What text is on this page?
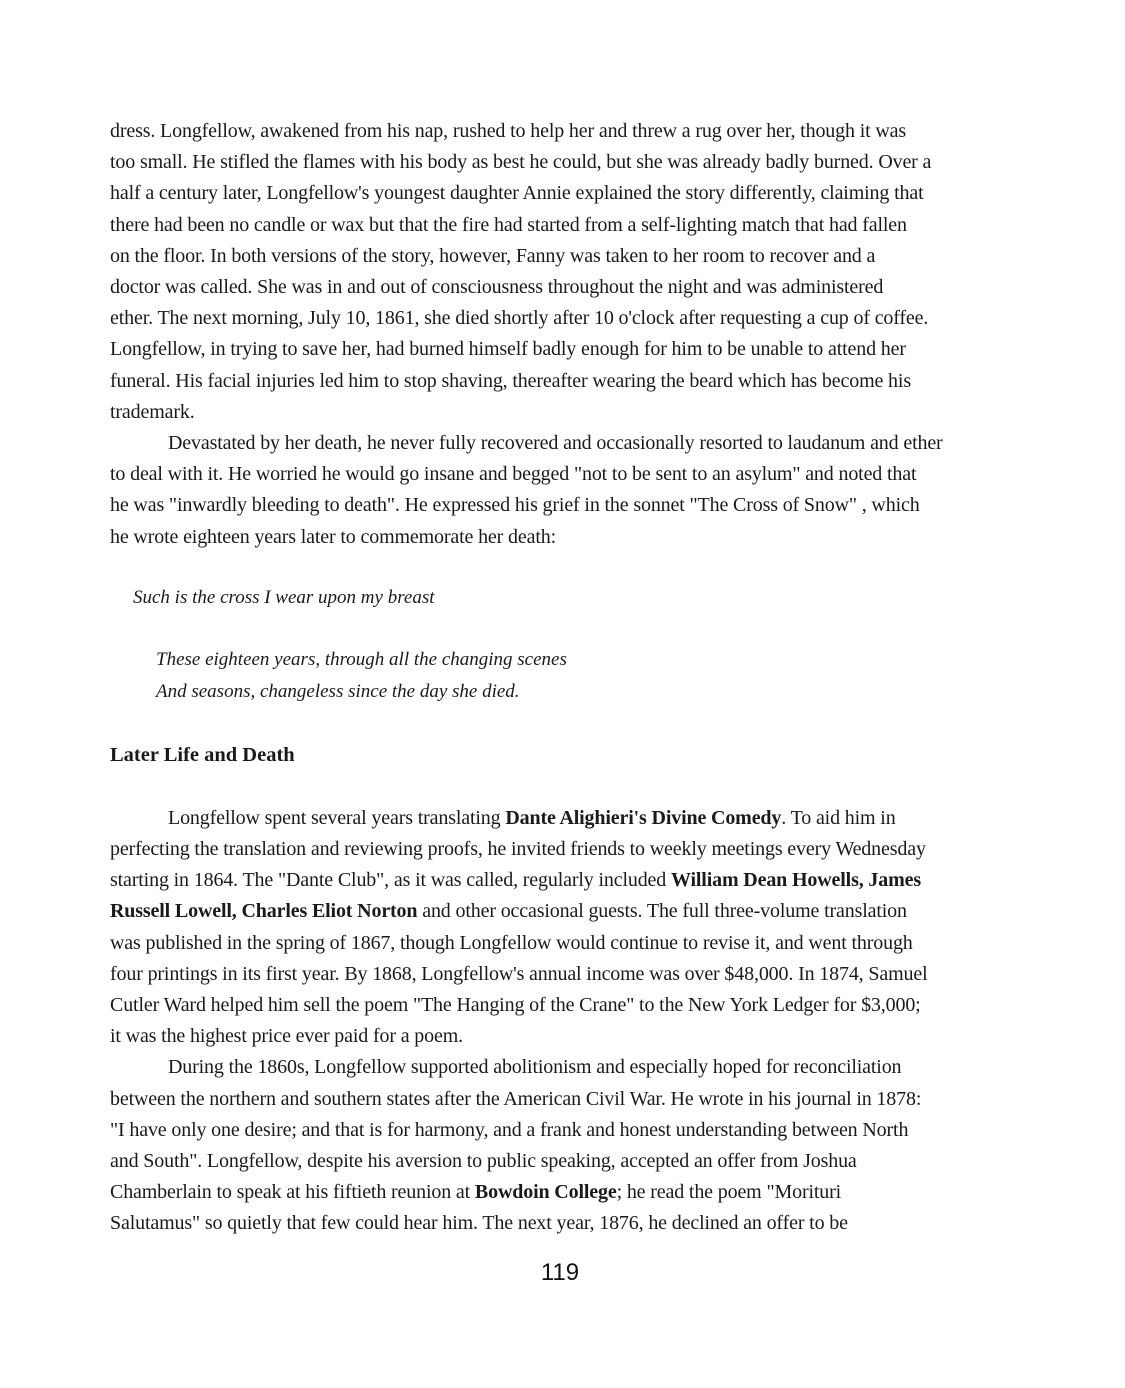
dress. Longfellow, awakened from his nap, rushed to help her and threw a rug over her, though it was
too small. He stifled the flames with his body as best he could, but she was already badly burned. Over a
half a century later, Longfellow's youngest daughter Annie explained the story differently, claiming that
there had been no candle or wax but that the fire had started from a self-lighting match that had fallen
on the floor. In both versions of the story, however, Fanny was taken to her room to recover and a
doctor was called. She was in and out of consciousness throughout the night and was administered
ether. The next morning, July 10, 1861, she died shortly after 10 o'clock after requesting a cup of coffee.
Longfellow, in trying to save her, had burned himself badly enough for him to be unable to attend her
funeral. His facial injuries led him to stop shaving, thereafter wearing the beard which has become his
trademark.

Devastated by her death, he never fully recovered and occasionally resorted to laudanum and ether
to deal with it. He worried he would go insane and begged "not to be sent to an asylum" and noted that
he was "inwardly bleeding to death". He expressed his grief in the sonnet "The Cross of Snow" , which
he wrote eighteen years later to commemorate her death:

Such is the cross I wear upon my breast
These eighteen years, through all the changing scenes
And seasons, changeless since the day she died.
Later Life and Death

Longfellow spent several years translating Dante Alighieri's Divine Comedy. To aid him in
perfecting the translation and reviewing proofs, he invited friends to weekly meetings every Wednesday
starting in 1864. The "Dante Club", as it was called, regularly included William Dean Howells, James
Russell Lowell, Charles Eliot Norton and other occasional guests. The full three-volume translation
was published in the spring of 1867, though Longfellow would continue to revise it, and went through
four printings in its first year. By 1868, Longfellow's annual income was over $48,000. In 1874, Samuel
Cutler Ward helped him sell the poem "The Hanging of the Crane" to the New York Ledger for $3,000;
it was the highest price ever paid for a poem.

During the 1860s, Longfellow supported abolitionism and especially hoped for reconciliation
between the northern and southern states after the American Civil War. He wrote in his journal in 1878:
"I have only one desire; and that is for harmony, and a frank and honest understanding between North
and South". Longfellow, despite his aversion to public speaking, accepted an offer from Joshua
Chamberlain to speak at his fiftieth reunion at Bowdoin College; he read the poem "Morituri
Salutamus" so quietly that few could hear him. The next year, 1876, he declined an offer to be

119
